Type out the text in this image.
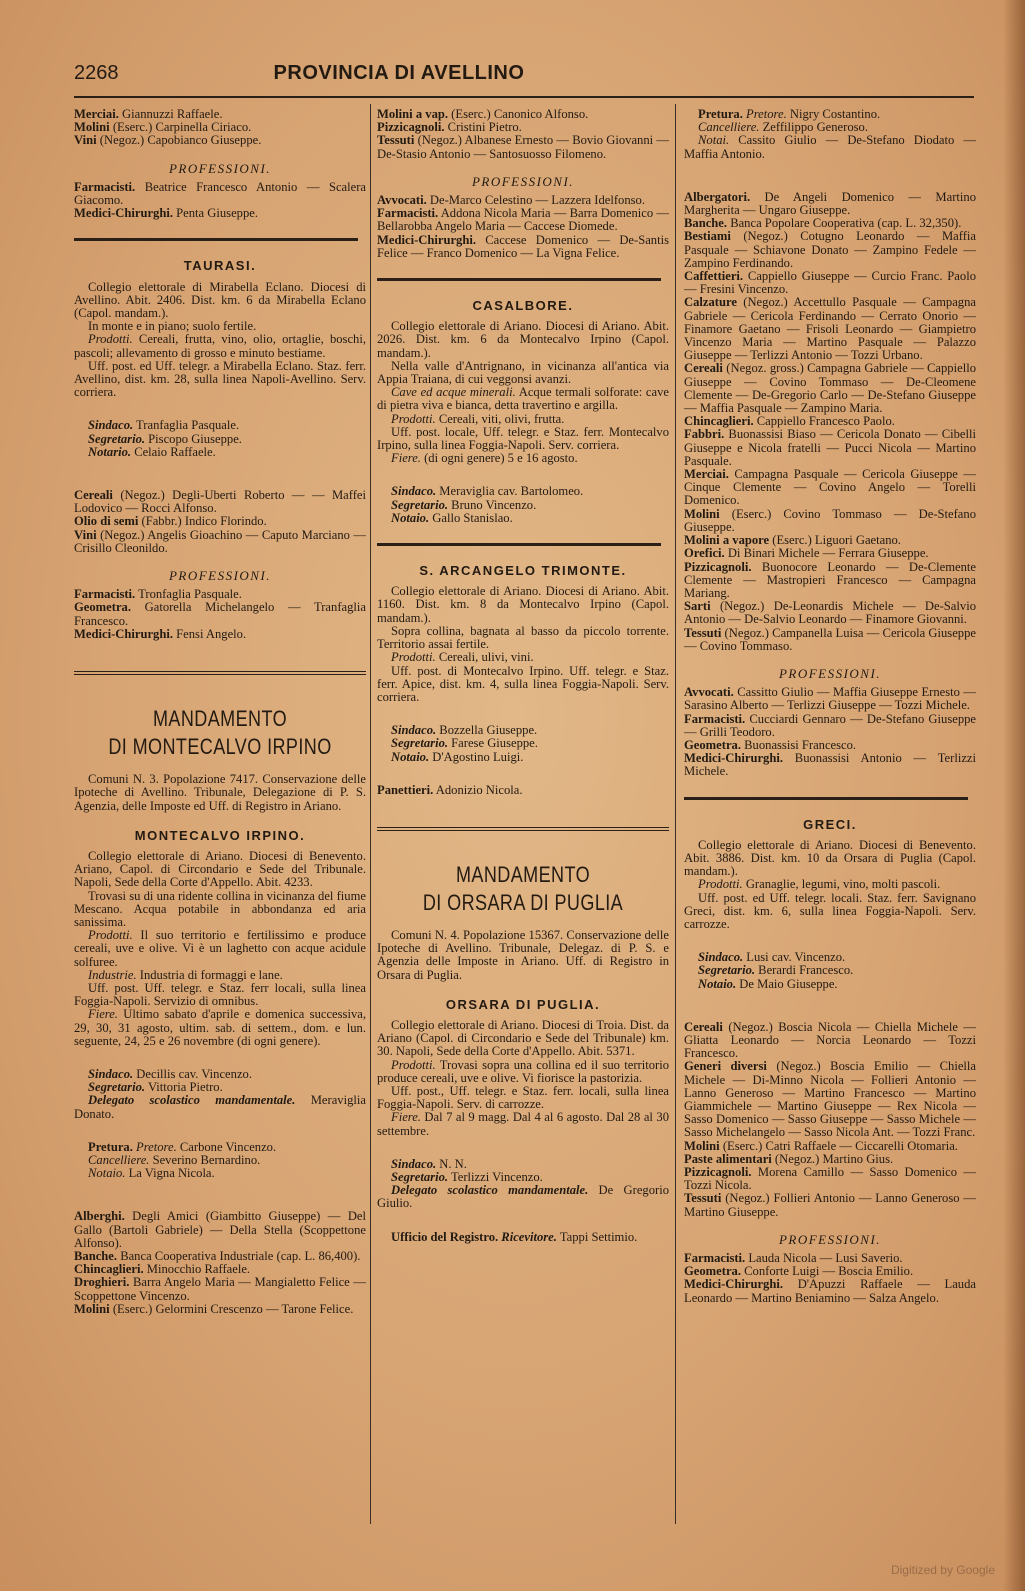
2268	PROVINCIA DI AVELLINO

Merciai. Giannuzzi Raffaele.

Molini (Eserc.) Carpinella Ciriaco.

Vini (Negoz.) Capobianco Giuseppe.

PROFESSIONI.

Farmacisti. Beatrice Francesco Antonio — Scalera Giacomo.

Medici-Chirurghi. Penta Giuseppe.

TAURASI.

Collegio elettorale di Mirabella Eclano. Diocesi di Avellino. Abit. 2406. Dist. km. 6 da Mirabella Eclano (Capol. mandam.).

In monte e in piano; suolo fertile.

Prodotti. Cereali, frutta, vino, olio, ortaglie, boschi, pascoli; allevamento di grosso e minuto bestiame.

Uff. post. ed Uff. telegr. a Mirabella Eclano. Staz. ferr. Avellino, dist. km. 28, sulla linea Napoli-Avellino. Serv. corriera.

Sindaco. Tranfaglia Pasquale.

Segretario. Piscopo Giuseppe.

Notario. Celaio Raffaele.

Cereali (Negoz.) Degli-Uberti Roberto — — Maffei Lodovico — Rocci Alfonso.

Olio di semi (Fabbr.) Indico Florindo.

Vini (Negoz.) Angelis Gioachino — Caputo Marciano — Crisillo Cleonildo.

PROFESSIONI.

Farmacisti. Tronfaglia Pasquale.

Geometra. Gatorella Michelangelo — Tranfaglia Francesco.

Medici-Chirurghi. Fensi Angelo.

MANDAMENTO
DI MONTECALVO IRPINO

Comuni N. 3. Popolazione 7417. Conservazione delle Ipoteche di Avellino. Tribunale, Delegazione di P. S. Agenzia, delle Imposte ed Uff. di Registro in Ariano.

MONTECALVO IRPINO.

Collegio elettorale di Ariano. Diocesi di Benevento. Ariano, Capol. di Circondario e Sede del Tribunale. Napoli, Sede della Corte d'Appello. Abit. 4233.

Trovasi su di una ridente collina in vicinanza del fiume Mescano. Acqua potabile in abbondanza ed aria sanissima.

Prodotti. Il suo territorio e fertilissimo e produce cereali, uve e olive. Vi è un laghetto con acque acidule solfuree.

Industrie. Industria di formaggi e lane.

Uff. post. Uff. telegr. e Staz. ferr locali, sulla linea Foggia-Napoli. Servizio di omnibus.

Fiere. Ultimo sabato d'aprile e domenica successiva, 29, 30, 31 agosto, ultim. sab. di settem., dom. e lun. seguente, 24, 25 e 26 novembre (di ogni genere).

Sindaco. Decillis cav. Vincenzo.

Segretario. Vittoria Pietro.

Delegato scolastico mandamentale. Meraviglia Donato.

Pretura. Pretore. Carbone Vincenzo.

Cancelliere. Severino Bernardino.

Notaio. La Vigna Nicola.

Alberghi. Degli Amici (Giambitto Giuseppe) — Del Gallo (Bartoli Gabriele) — Della Stella (Scoppettone Alfonso).

Banche. Banca Cooperativa Industriale (cap. L. 86,400).

Chincaglieri. Minocchio Raffaele.

Droghieri. Barra Angelo Maria — Mangialetto Felice — Scoppettone Vincenzo.

Molini (Eserc.) Gelormini Crescenzo — Tarone Felice.

Molini a vap. (Eserc.) Canonico Alfonso.

Pizzicagnoli. Cristini Pietro.

Tessuti (Negoz.) Albanese Ernesto — Bovio Giovanni — De-Stasio Antonio — Santosuosso Filomeno.

PROFESSIONI.

Avvocati. De-Marco Celestino — Lazzera Idelfonso.

Farmacisti. Addona Nicola Maria — Barra Domenico — Bellarobba Angelo Maria — Caccese Diomede.

Medici-Chirurghi. Caccese Domenico — De-Santis Felice — Franco Domenico — La Vigna Felice.

CASALBORE.

Collegio elettorale di Ariano. Diocesi di Ariano. Abit. 2026. Dist. km. 6 da Montecalvo Irpino (Capol. mandam.).

Nella valle d'Antrignano, in vicinanza all'antica via Appia Traiana, di cui veggonsi avanzi.

Cave ed acque minerali. Acque termali solforate: cave di pietra viva e bianca, detta travertino e argilla.

Prodotti. Cereali, viti, olivi, frutta.

Uff. post. locale, Uff. telegr. e Staz. ferr. Montecalvo Irpino, sulla linea Foggia-Napoli. Serv. corriera.

Fiere. (di ogni genere) 5 e 16 agosto.

Sindaco. Meraviglia cav. Bartolomeo.

Segretario. Bruno Vincenzo.

Notaio. Gallo Stanislao.

S. ARCANGELO TRIMONTE.

Collegio elettorale di Ariano. Diocesi di Ariano. Abit. 1160. Dist. km. 8 da Montecalvo Irpino (Capol. mandam.).

Sopra collina, bagnata al basso da piccolo torrente. Territorio assai fertile.

Prodotti. Cereali, ulivi, vini.

Uff. post. di Montecalvo Irpino. Uff. telegr. e Staz. ferr. Apice, dist. km. 4, sulla linea Foggia-Napoli. Serv. corriera.

Sindaco. Bozzella Giuseppe.

Segretario. Farese Giuseppe.

Notaio. D'Agostino Luigi.

Panettieri. Adonizio Nicola.

MANDAMENTO
DI ORSARA DI PUGLIA

Comuni N. 4. Popolazione 15367. Conservazione delle Ipoteche di Avellino. Tribunale, Delegaz. di P. S. e Agenzia delle Imposte in Ariano. Uff. di Registro in Orsara di Puglia.

ORSARA DI PUGLIA.

Collegio elettorale di Ariano. Diocesi di Troia. Dist. da Ariano (Capol. di Circondario e Sede del Tribunale) km. 30. Napoli, Sede della Corte d'Appello. Abit. 5371.

Prodotti. Trovasi sopra una collina ed il suo territorio produce cereali, uve e olive. Vi fiorisce la pastorizia.

Uff. post., Uff. telegr. e Staz. ferr. locali, sulla linea Foggia-Napoli. Serv. di carrozze.

Fiere. Dal 7 al 9 magg. Dal 4 al 6 agosto. Dal 28 al 30 settembre.

Sindaco. N. N.

Segretario. Terlizzi Vincenzo.

Delegato scolastico mandamentale. De Gregorio Giulio.

Ufficio del Registro. Ricevitore. Tappi Settimio.

Pretura. Pretore. Nigry Costantino.

Cancelliere. Zeffilippo Generoso.

Notai. Cassito Giulio — De-Stefano Diodato — Maffia Antonio.

Albergatori. De Angeli Domenico — Martino Margherita — Ungaro Giuseppe.

Banche. Banca Popolare Cooperativa (cap. L. 32,350).

Bestiami (Negoz.) Cotugno Leonardo — Maffia Pasquale — Schiavone Donato — Zampino Fedele — Zampino Ferdinando.

Caffettieri. Cappiello Giuseppe — Curcio Franc. Paolo — Fresini Vincenzo.

Calzature (Negoz.) Accettullo Pasquale — Campagna Gabriele — Cericola Ferdinando — Cerrato Onorio — Finamore Gaetano — Frisoli Leonardo — Giampietro Vincenzo Maria — Martino Pasquale — Palazzo Giuseppe — Terlizzi Antonio — Tozzi Urbano.

Cereali (Negoz. gross.) Campagna Gabriele — Cappiello Giuseppe — Covino Tommaso — De-Cleomene Clemente — De-Gregorio Carlo — De-Stefano Giuseppe — Maffia Pasquale — Zampino Maria.

Chincaglieri. Cappiello Francesco Paolo.

Fabbri. Buonassisi Biaso — Cericola Donato — Cibelli Giuseppe e Nicola fratelli — Pucci Nicola — Martino Pasquale.

Merciai. Campagna Pasquale — Cericola Giuseppe — Cinque Clemente — Covino Angelo — Torelli Domenico.

Molini (Eserc.) Covino Tommaso — De-Stefano Giuseppe.

Molini a vapore (Eserc.) Liguori Gaetano.

Orefici. Di Binari Michele — Ferrara Giuseppe.

Pizzicagnoli. Buonocore Leonardo — De-Clemente Clemente — Mastropieri Francesco — Campagna Mariang.

Sarti (Negoz.) De-Leonardis Michele — De-Salvio Antonio — De-Salvio Leonardo — Finamore Giovanni.

Tessuti (Negoz.) Campanella Luisa — Cericola Giuseppe — Covino Tommaso.

PROFESSIONI.

Avvocati. Cassitto Giulio — Maffia Giuseppe Ernesto — Sarasino Alberto — Terlizzi Giuseppe — Tozzi Michele.

Farmacisti. Cucciardi Gennaro — De-Stefano Giuseppe — Grilli Teodoro.

Geometra. Buonassisi Francesco.

Medici-Chirurghi. Buonassisi Antonio — Terlizzi Michele.

GRECI.

Collegio elettorale di Ariano. Diocesi di Benevento. Abit. 3886. Dist. km. 10 da Orsara di Puglia (Capol. mandam.).

Prodotti. Granaglie, legumi, vino, molti pascoli.

Uff. post. ed Uff. telegr. locali. Staz. ferr. Savignano Greci, dist. km. 6, sulla linea Foggia-Napoli. Serv. carrozze.

Sindaco. Lusi cav. Vincenzo.

Segretario. Berardi Francesco.

Notaio. De Maio Giuseppe.

Cereali (Negoz.) Boscia Nicola — Chiella Michele — Gliatta Leonardo — Norcia Leonardo — Tozzi Francesco.

Generi diversi (Negoz.) Boscia Emilio — Chiella Michele — Di-Minno Nicola — Follieri Antonio — Lanno Generoso — Martino Francesco — Martino Giammichele — Martino Giuseppe — Rex Nicola — Sasso Domenico — Sasso Giuseppe — Sasso Michele — Sasso Michelangelo — Sasso Nicola Ant. — Tozzi Franc.

Molini (Eserc.) Catri Raffaele — Ciccarelli Otomaria.

Paste alimentari (Negoz.) Martino Gius.

Pizzicagnoli. Morena Camillo — Sasso Domenico — Tozzi Nicola.

Tessuti (Negoz.) Follieri Antonio — Lanno Generoso — Martino Giuseppe.

PROFESSIONI.

Farmacisti. Lauda Nicola — Lusi Saverio.

Geometra. Conforte Luigi — Boscia Emilio.

Medici-Chirurghi. D'Apuzzi Raffaele — Lauda Leonardo — Martino Beniamino — Salza Angelo.

Digitized by Google
